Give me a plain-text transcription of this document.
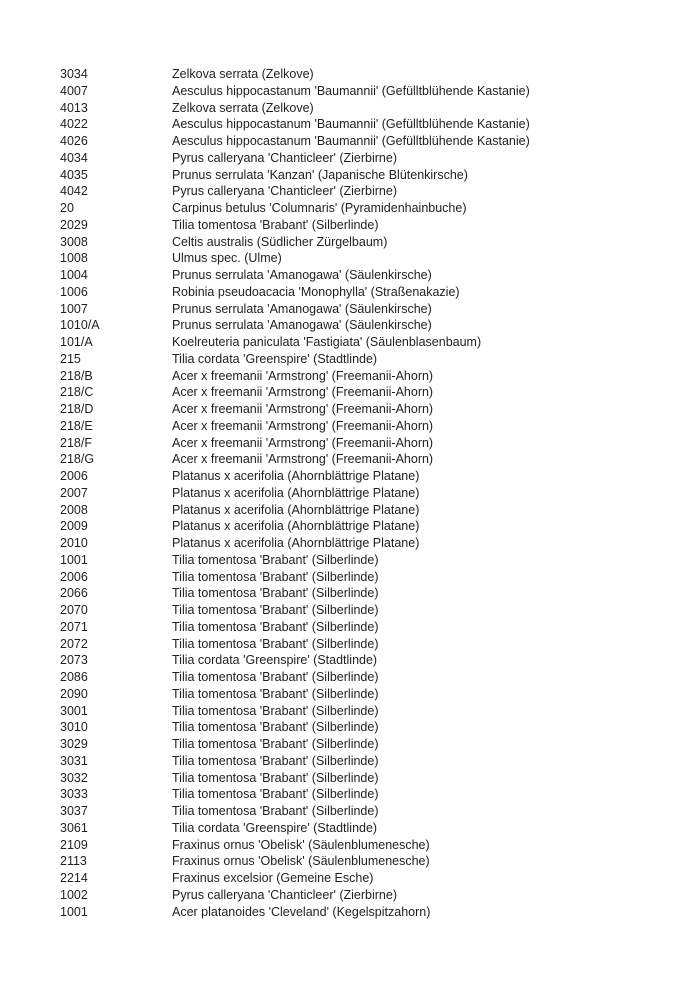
3034	Zelkova serrata (Zelkove)
4007	Aesculus hippocastanum 'Baumannii' (Gefülltblühende Kastanie)
4013	Zelkova serrata (Zelkove)
4022	Aesculus hippocastanum 'Baumannii' (Gefülltblühende Kastanie)
4026	Aesculus hippocastanum 'Baumannii' (Gefülltblühende Kastanie)
4034	Pyrus calleryana 'Chanticleer' (Zierbirne)
4035	Prunus serrulata 'Kanzan' (Japanische Blütenkirsche)
4042	Pyrus calleryana 'Chanticleer' (Zierbirne)
20	Carpinus betulus 'Columnaris' (Pyramidenhainbuche)
2029	Tilia tomentosa 'Brabant' (Silberlinde)
3008	Celtis australis (Südlicher Zürgelbaum)
1008	Ulmus spec. (Ulme)
1004	Prunus serrulata 'Amanogawa' (Säulenkirsche)
1006	Robinia pseudoacacia 'Monophylla' (Straßenakazie)
1007	Prunus serrulata 'Amanogawa' (Säulenkirsche)
1010/A	Prunus serrulata 'Amanogawa' (Säulenkirsche)
101/A	Koelreuteria paniculata 'Fastigiata' (Säulenblasenbaum)
215	Tilia cordata 'Greenspire' (Stadtlinde)
218/B	Acer x freemanii 'Armstrong' (Freemanii-Ahorn)
218/C	Acer x freemanii 'Armstrong' (Freemanii-Ahorn)
218/D	Acer x freemanii 'Armstrong' (Freemanii-Ahorn)
218/E	Acer x freemanii 'Armstrong' (Freemanii-Ahorn)
218/F	Acer x freemanii 'Armstrong' (Freemanii-Ahorn)
218/G	Acer x freemanii 'Armstrong' (Freemanii-Ahorn)
2006	Platanus x acerifolia (Ahornblättrige Platane)
2007	Platanus x acerifolia (Ahornblättrige Platane)
2008	Platanus x acerifolia (Ahornblättrige Platane)
2009	Platanus x acerifolia (Ahornblättrige Platane)
2010	Platanus x acerifolia (Ahornblättrige Platane)
1001	Tilia tomentosa 'Brabant' (Silberlinde)
2006	Tilia tomentosa 'Brabant' (Silberlinde)
2066	Tilia tomentosa 'Brabant' (Silberlinde)
2070	Tilia tomentosa 'Brabant' (Silberlinde)
2071	Tilia tomentosa 'Brabant' (Silberlinde)
2072	Tilia tomentosa 'Brabant' (Silberlinde)
2073	Tilia cordata 'Greenspire' (Stadtlinde)
2086	Tilia tomentosa 'Brabant' (Silberlinde)
2090	Tilia tomentosa 'Brabant' (Silberlinde)
3001	Tilia tomentosa 'Brabant' (Silberlinde)
3010	Tilia tomentosa 'Brabant' (Silberlinde)
3029	Tilia tomentosa 'Brabant' (Silberlinde)
3031	Tilia tomentosa 'Brabant' (Silberlinde)
3032	Tilia tomentosa 'Brabant' (Silberlinde)
3033	Tilia tomentosa 'Brabant' (Silberlinde)
3037	Tilia tomentosa 'Brabant' (Silberlinde)
3061	Tilia cordata 'Greenspire' (Stadtlinde)
2109	Fraxinus ornus 'Obelisk' (Säulenblumenesche)
2113	Fraxinus ornus 'Obelisk' (Säulenblumenesche)
2214	Fraxinus excelsior (Gemeine Esche)
1002	Pyrus calleryana 'Chanticleer' (Zierbirne)
1001	Acer platanoides 'Cleveland' (Kegelspitzahorn)
